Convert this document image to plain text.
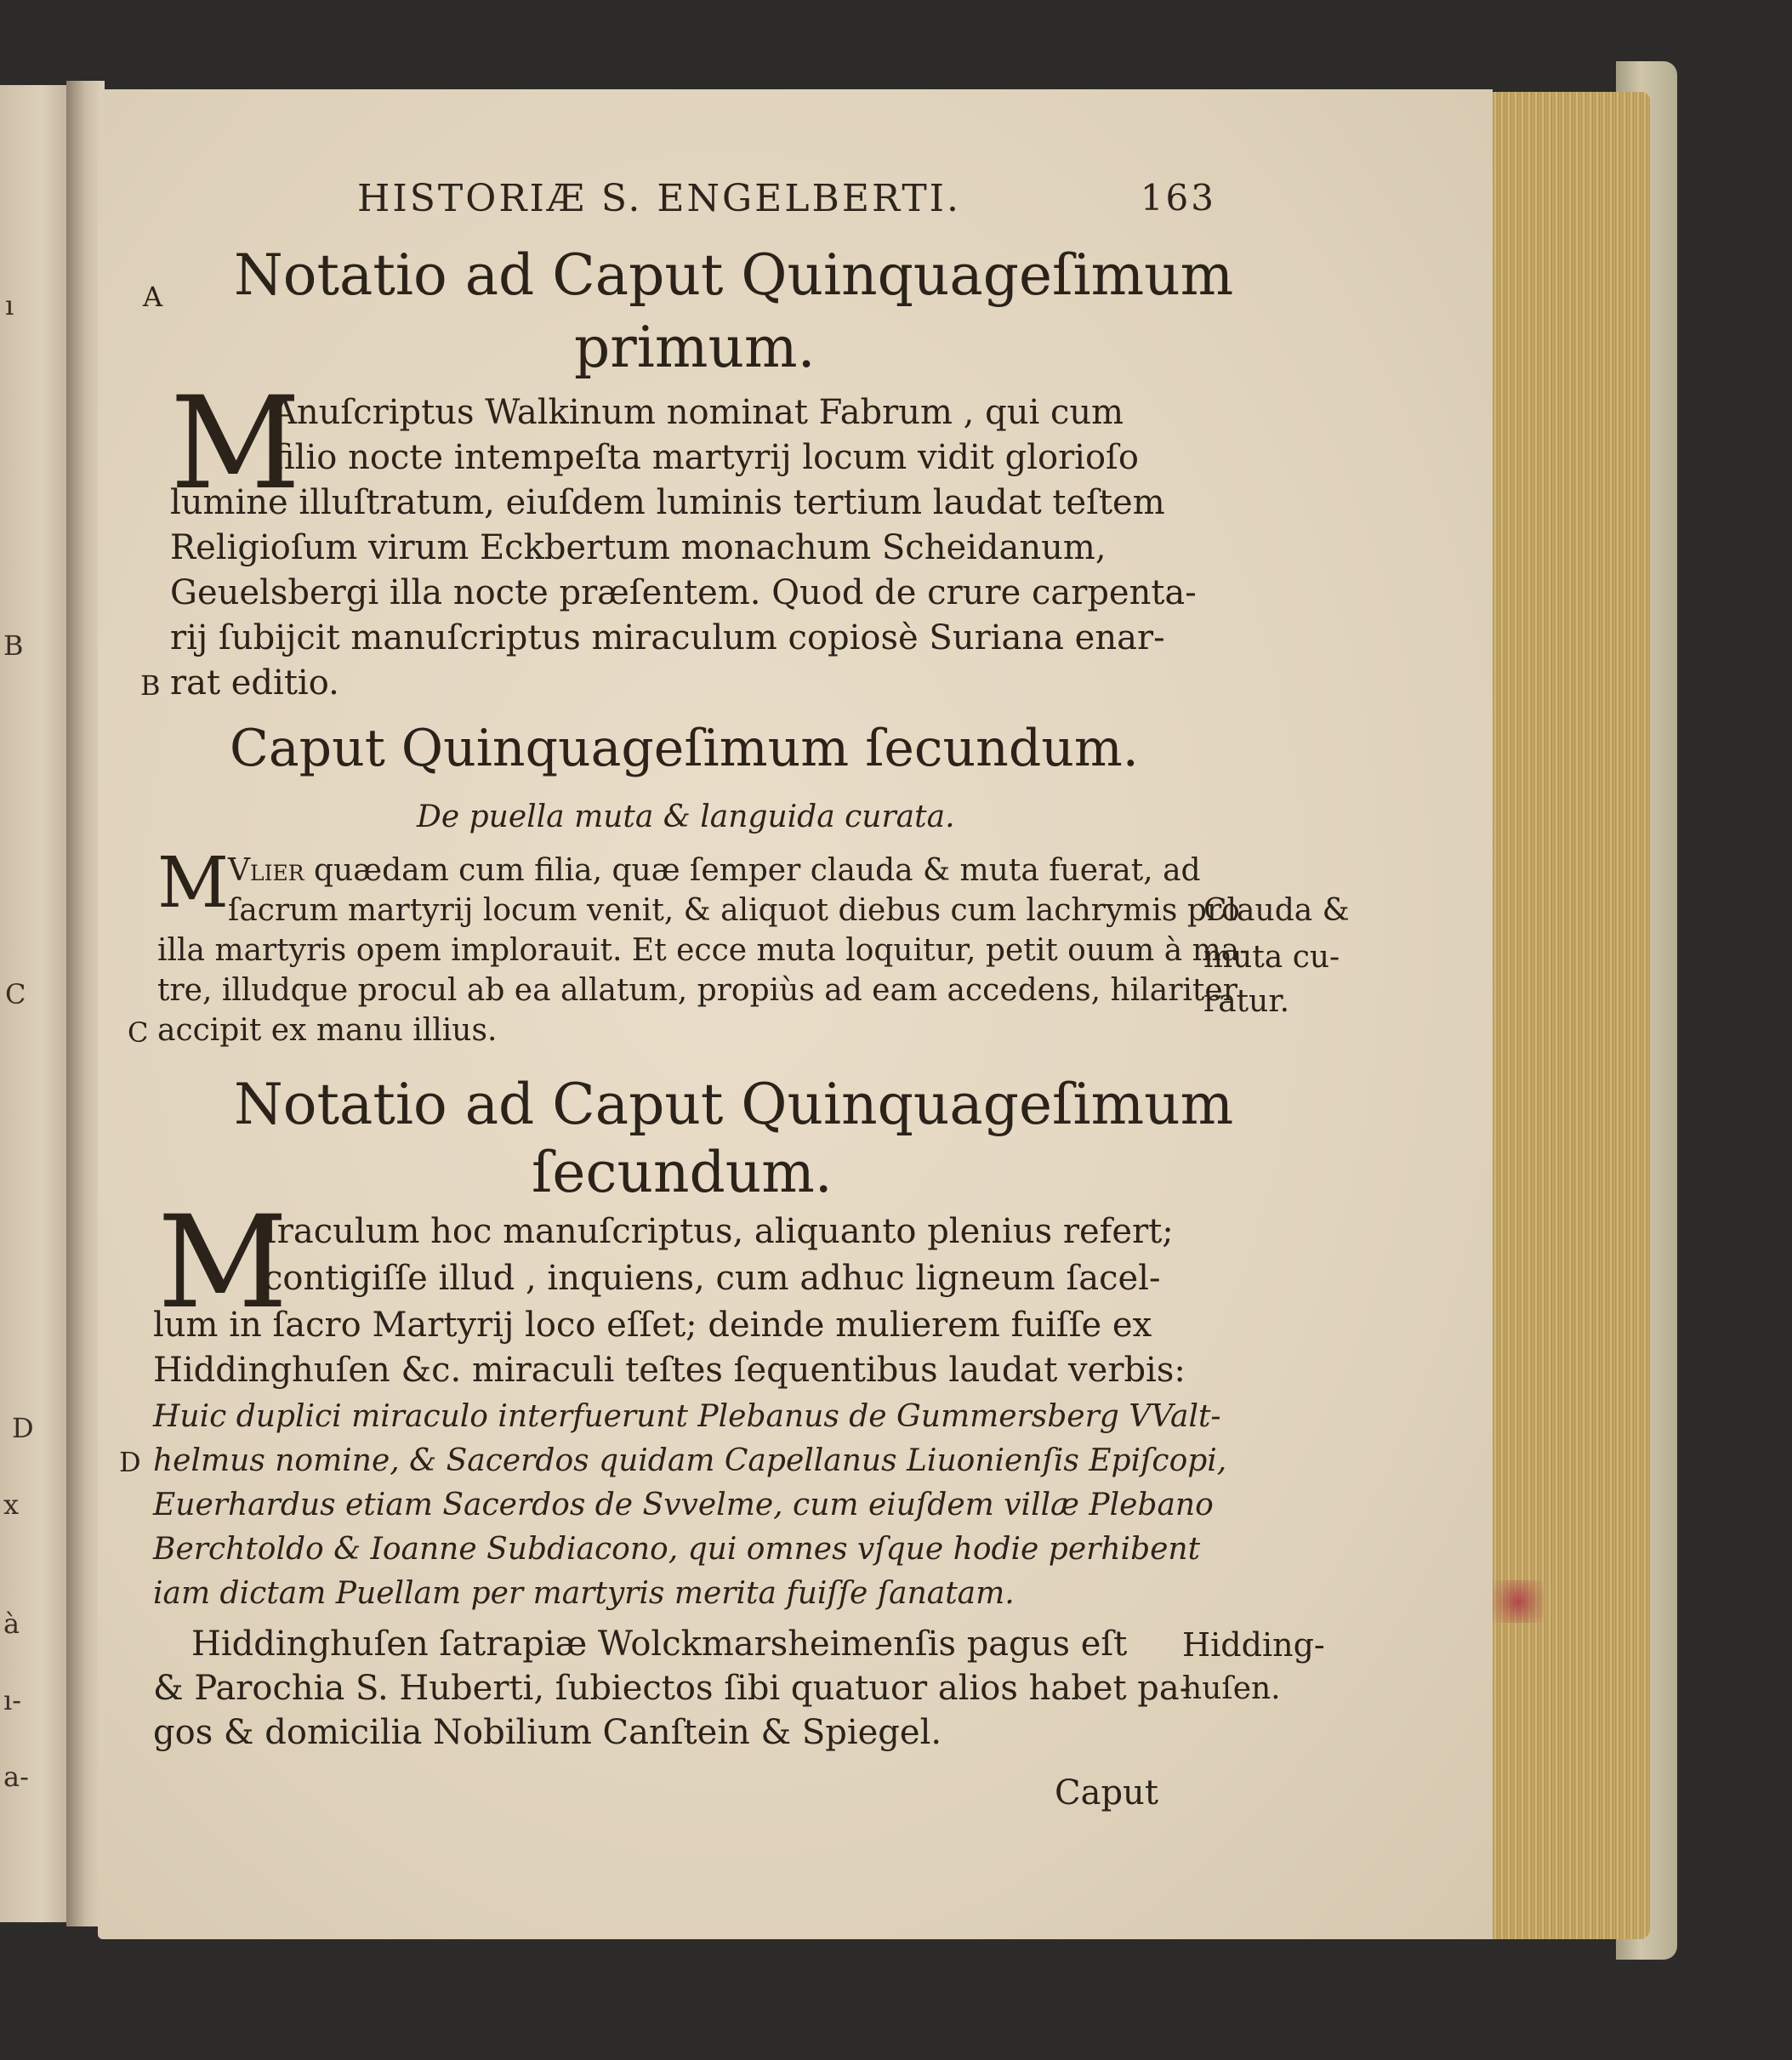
ı
B
C
D
x
à
ı-
a-
HISTORIÆ S. ENGELBERTI.	163
A Notatio ad Caput Quinquageſimum
primum.
M
Anuſcriptus Walkinum nominat Fabrum , qui cum
filio nocte intempeſta martyrij locum vidit glorioſo
lumine illuſtratum, eiuſdem luminis tertium laudat teſtem
Religioſum virum Eckbertum monachum Scheidanum,
Geuelsbergi illa nocte præſentem. Quod de crure carpenta-
rij ſubijcit manuſcriptus miraculum copiosè Suriana enar-
B rat editio.
Caput Quinquageſimum ſecundum.
De puella muta & languida curata.
M Vlier quædam cum filia, quæ ſemper clauda & muta fuerat, ad
ſacrum martyrij locum venit, & aliquot diebus cum lachrymis pro
illa martyris opem implorauit. Et ecce muta loquitur, petit ouum à ma-
tre, illudque procul ab ea allatum, propiùs ad eam accedens, hilariter
C accipit ex manu illius.
Clauda &
muta cu-
ratur.
Notatio ad Caput Quinquageſimum
ſecundum.
M
Iraculum hoc manuſcriptus, aliquanto plenius refert;
contigiſſe illud , inquiens, cum adhuc ligneum ſacel-
lum in ſacro Martyrij loco eſſet; deinde mulierem fuiſſe ex
Hiddinghuſen &c. miraculi teſtes ſequentibus laudat verbis:
Huic duplici miraculo interfuerunt Plebanus de Gummersberg VValt-
D helmus nomine, & Sacerdos quidam Capellanus Liuonienſis Epiſcopi,
Euerhardus etiam Sacerdos de Svvelme, cum eiuſdem villæ Plebano
Berchtoldo & Ioanne Subdiacono, qui omnes vſque hodie perhibent
iam dictam Puellam per martyris merita fuiſſe ſanatam.
Hiddinghuſen ſatrapiæ Wolckmarsheimenſis pagus eſt
& Parochia S. Huberti, ſubiectos ſibi quatuor alios habet pa-
gos & domicilia Nobilium Canſtein & Spiegel.
Hidding-
huſen.
Caput
